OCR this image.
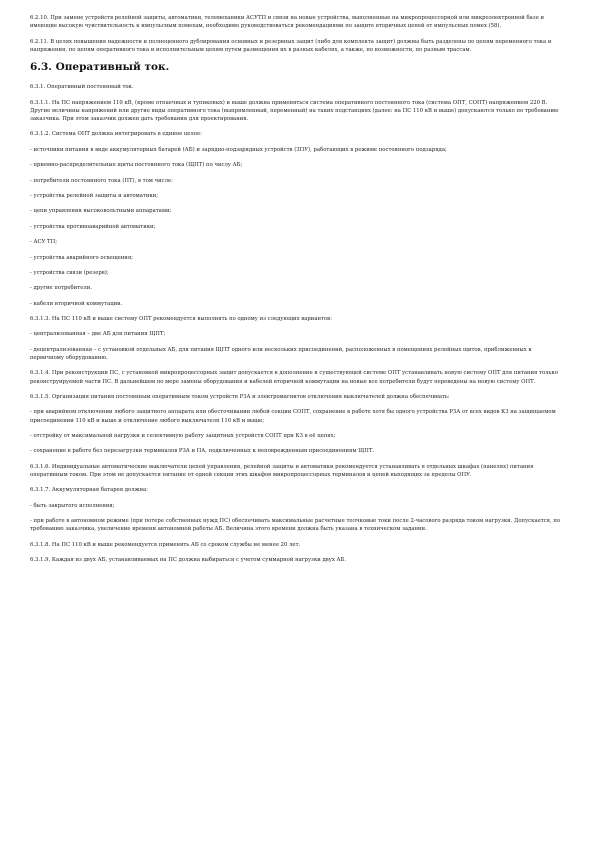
6.2.10. При замене устройств релейной защиты, автоматики, телемеханики АСУТП и связи на новые устройства, выполненные на микропроцессорной или микроэлектронной базе и имеющие высокую чувствительность к импульсным помехам, необходимо руководствоваться рекомендациями по защите вторичных цепей от импульсных помех (58).

6.2.11. В целях повышения надежности и полноценного дублирования основных и резервных защит (либо для комплекта защит) должны быть разделены по цепям переменного тока и напряжения, по цепям оперативного тока и исполнительным цепям путем размещения их в разных кабелях, а также, по возможности, по разным трассам.

6.3. Оперативный ток.

6.3.1. Оперативный постоянный ток.

6.3.1.1. На ПС напряжением 110 кВ, (кроме отпаечных и тупиковых) и выше должна применяться система оперативного постоянного тока (система ОПТ, СОПТ) напряжением 220 В. Другие величины напряжений или другие виды оперативного тока (выпрямленный, переменный) на таких подстанциях (далее: на ПС 110 кВ и выше) допускаются только по требованию заказчика. При этом заказчик должен дать требования для проектирования.

6.3.1.2. Система ОПТ должна интегрировать в единое целое:

- источники питания в виде аккумуляторных батарей (АБ) и зарядно-подзарядных устройств (ЗПУ), работающих в режиме постоянного подзаряда;

- приемно-распределительные щиты постоянного тока (ЩПТ) по числу АБ;

- потребители постоянного тока (ПТ), в том числе:

- устройства релейной защиты и автоматики;

- цепи управления высоковольтными аппаратами;

- устройства противоаварийной автоматики;

- АСУ ТП;

- устройства аварийного освещения;

- устройства связи (резерв);

- другие потребители.

- кабели вторичной коммутации.

6.3.1.3. На ПС 110 кВ и выше систему ОПТ рекомендуется выполнять по одному из следующих вариантов:

- централизованная – две АБ для питания ЩПТ;

- децентрализованная – с установкой отдельных АБ, для питания ЩПТ одного или нескольких присоединений, расположенных в помещениях релейных щитов, приближенных к первичному оборудованию.

6.3.1.4. При реконструкции ПС, с установкой микропроцессорных защит допускается в дополнение к существующей системе ОПТ устанавливать новую систему ОПТ для питания только реконструируемой части ПС. В дальнейшем по мере замены оборудования и кабелей вторичной коммутации на новые все потребители будут переведены на новую систему ОПТ.

6.3.1.5. Организация питания постоянным оперативным током устройств РЗА и электромагнитов отключения выключателей должна обеспечивать:

- при аварийном отключении любого защитного аппарата или обесточивании любой секции СОПТ, сохранение в работе хотя бы одного устройства РЗА от всех видов КЗ на защищаемом присоединении 110 кВ и выше и отключение любого выключателя 110 кВ и выше;

- отстройку от максимальной нагрузки и селективную работу защитных устройств СОПТ при КЗ в её цепях;

- сохранение в работе без перезагрузки терминалов РЗА и ПА, подключенных к неповрежденным присоединениям ЩПТ.

6.3.1.6. Индивидуальные автоматические выключатели цепей управления, релейной защиты и автоматики рекомендуется устанавливать в отдельных шкафах (панелях) питания оперативным током. При этом не допускается питание от одной секции этих шкафов микропроцессорных терминалов и цепей выходящих за пределы ОПУ.

6.3.1.7. Аккумуляторная батарея должна:

- быть закрытого исполнения;

- при работе в автономном режиме (при потере собственных нужд ПС) обеспечивать максимальные расчетные толчковые токи после 2-часового разряда током нагрузки. Допускается, по требованию заказчика, увеличение времени автономной работы АБ. Величина этого времени должна быть указана в техническом задании.

6.3.1.8. На ПС 110 кВ и выше рекомендуется применять АБ со сроком службы не менее 20 лет.

6.3.1.9. Каждая из двух АБ, устанавливаемых на ПС должна выбираться с учетом суммарной нагрузки двух АБ.
